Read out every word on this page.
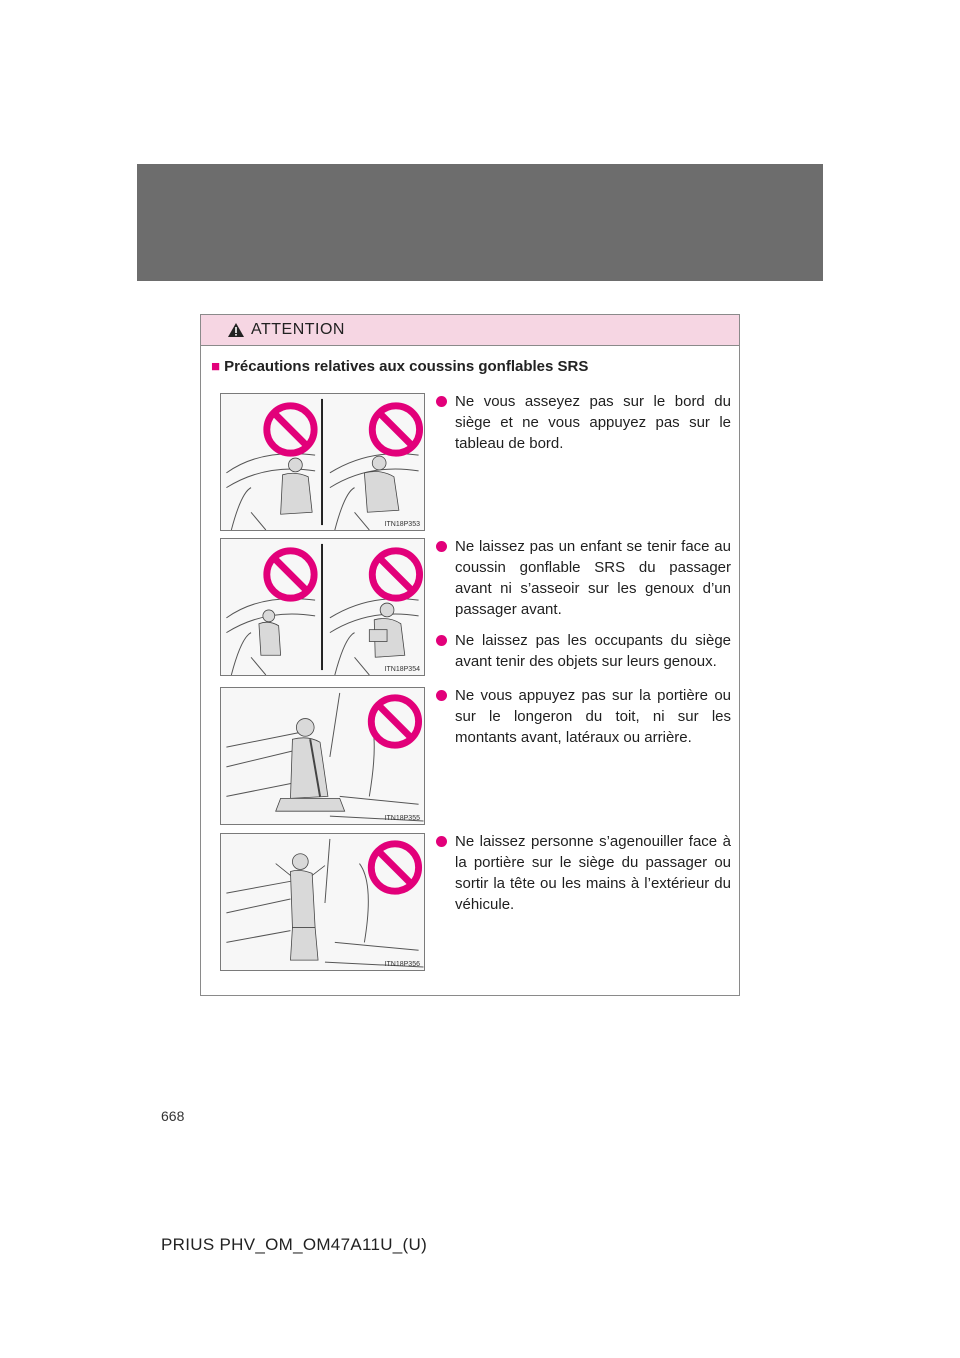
ATTENTION
■ Précautions relatives aux coussins gonflables SRS
ITN18P353
ITN18P354
ITN18P355
ITN18P356
Ne vous asseyez pas sur le bord du siège et ne vous appuyez pas sur le tableau de bord.
Ne laissez pas un enfant se tenir face au coussin gonflable SRS du passager avant ni s’asseoir sur les genoux d’un passager avant.
Ne laissez pas les occupants du siège avant tenir des objets sur leurs genoux.
Ne vous appuyez pas sur la portière ou sur le longeron du toit, ni sur les montants avant, latéraux ou arrière.
Ne laissez personne s’agenouiller face à la portière sur le siège du passager ou sortir la tête ou les mains à l’extérieur du véhicule.
668
PRIUS PHV_OM_OM47A11U_(U)
